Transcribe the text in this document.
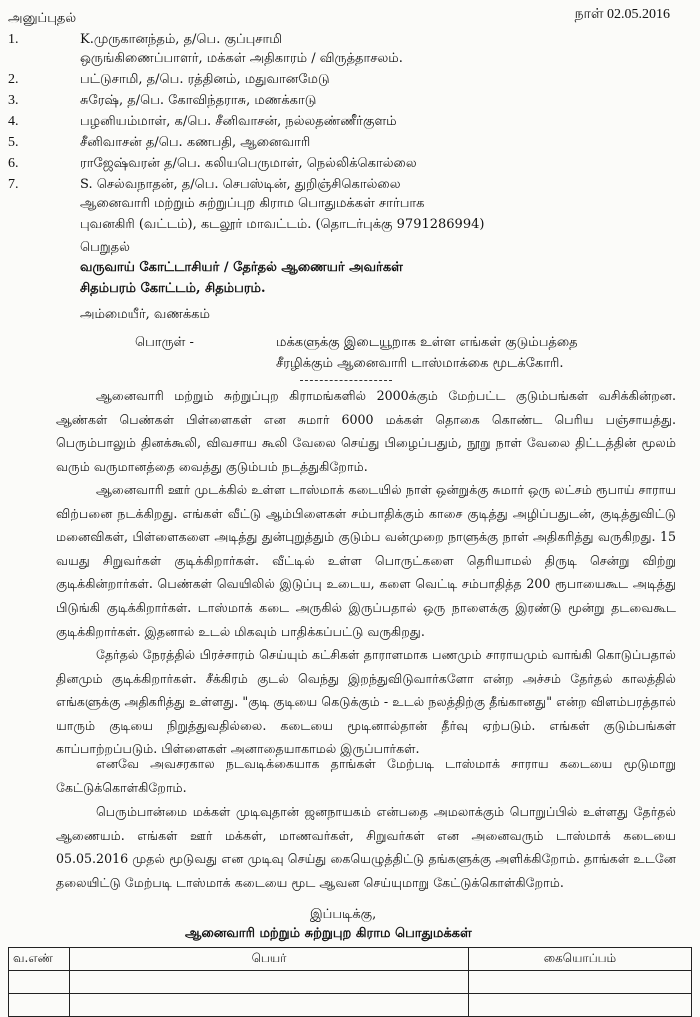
நாள் 02.05.2016
அனுப்புதல்
1.	K.முருகானந்தம், த/பெ. குப்புசாமி
ஒருங்கிணைப்பாளர், மக்கள் அதிகாரம் / விருத்தாசலம்.
2.	பட்டுசாமி, த/பெ. ரத்தினம், மதுவானமேடு
3.	சுரேஷ், த/பெ. கோவிந்தராசு, மணக்காடு
4.	பழனியம்மாள், க/பெ. சீனிவாசன், நல்லதண்ணீர்குளம்
5.	சீனிவாசன் த/பெ. கணபதி, ஆனைவாரி
6.	ராஜேஷ்வரன் த/பெ. கலியபெருமாள், நெல்லிக்கொல்லை
7.	S. செல்வநாதன், த/பெ. செபஸ்டின், துறிஞ்சிகொல்லை
ஆனைவாரி மற்றும் சுற்றுப்புற கிராம பொதுமக்கள் சார்பாக
புவனகிரி (வட்டம்), கடலூர் மாவட்டம். (தொடர்புக்கு 9791286994)
பெறுதல்
வருவாய் கோட்டாசியர் / தேர்தல் ஆணையர் அவர்கள்
சிதம்பரம் கோட்டம், சிதம்பரம்.
அம்மையீர், வணக்கம்
பொருள் -	மக்களுக்கு இடையூறாக உள்ள எங்கள் குடும்பத்தை
சீரழிக்கும் ஆனைவாரி டாஸ்மாக்கை மூடக்கோரி.
ஆனைவாரி மற்றும் சுற்றுப்புற கிராமங்களில் 2000க்கும் மேற்பட்ட குடும்பங்கள் வசிக்கின்றன. ஆண்கள் பெண்கள் பிள்ளைகள் என சுமார் 6000 மக்கள் தொகை கொண்ட பெரிய பஞ்சாயத்து. பெரும்பாலும் தினக்கூலி, விவசாய கூலி வேலை செய்து பிழைப்பதும், நூறு நாள் வேலை திட்டத்தின் மூலம் வரும் வருமானத்தை வைத்து குடும்பம் நடத்துகிறோம்.
ஆனைவாரி ஊர் முடக்கில் உள்ள டாஸ்மாக் கடையில் நாள் ஒன்றுக்கு சுமார் ஒரு லட்சம் ரூபாய் சாராய விற்பனை நடக்கிறது. எங்கள் வீட்டு ஆம்பிளைகள் சம்பாதிக்கும் காசை குடித்து அழிப்பதுடன், குடித்துவிட்டு மனைவிகள், பிள்ளைகளை அடித்து துன்புறுத்தும் குடும்ப வன்முறை நாளுக்கு நாள் அதிகரித்து வருகிறது. 15 வயது சிறுவர்கள் குடிக்கிறார்கள். வீட்டில் உள்ள பொருட்களை தெரியாமல் திருடி சென்று விற்று குடிக்கின்றார்கள். பெண்கள் வெயிலில் இடுப்பு உடைய, களை வெட்டி சம்பாதித்த 200 ரூபாயைகூட அடித்து பிடுங்கி குடிக்கிறார்கள். டாஸ்மாக் கடை அருகில் இருப்பதால் ஒரு நாளைக்கு இரண்டு மூன்று தடவைகூட குடிக்கிறார்கள். இதனால் உடல் மிகவும் பாதிக்கப்பட்டு வருகிறது.
தேர்தல் நேரத்தில் பிரச்சாரம் செய்யும் கட்சிகள் தாராளமாக பணமும் சாராயமும் வாங்கி கொடுப்பதால் தினமும் குடிக்கிறார்கள். சீக்கிரம் குடல் வெந்து இறந்துவிடுவார்களோ என்ற அச்சம் தேர்தல் காலத்தில் எங்களுக்கு அதிகரித்து உள்ளது. "குடி குடியை கெடுக்கும் - உடல் நலத்திற்கு தீங்கானது" என்ற விளம்பரத்தால் யாரும் குடியை நிறுத்துவதில்லை. கடையை மூடினால்தான் தீர்வு ஏற்படும். எங்கள் குடும்பங்கள் காப்பாற்றப்படும். பிள்ளைகள் அனாதையாகாமல் இருப்பார்கள்.
எனவே அவசரகால நடவடிக்கையாக தாங்கள் மேற்படி டாஸ்மாக் சாராய கடையை மூடுமாறு கேட்டுக்கொள்கிறோம்.
பெரும்பான்மை மக்கள் முடிவுதான் ஜனநாயகம் என்பதை அமலாக்கும் பொறுப்பில் உள்ளது தேர்தல் ஆணையம். எங்கள் ஊர் மக்கள், மாணவர்கள், சிறுவர்கள் என அனைவரும் டாஸ்மாக் கடையை 05.05.2016 முதல் மூடுவது என முடிவு செய்து கையெழுத்திட்டு தங்களுக்கு அளிக்கிறோம். தாங்கள் உடனே தலையிட்டு மேற்படி டாஸ்மாக் கடையை மூட ஆவன செய்யுமாறு கேட்டுக்கொள்கிறோம்.
இப்படிக்கு,
ஆனைவாரி மற்றும் சுற்றுபுற கிராம பொதுமக்கள்
வ.எண்	பெயர்	கையொப்பம்
